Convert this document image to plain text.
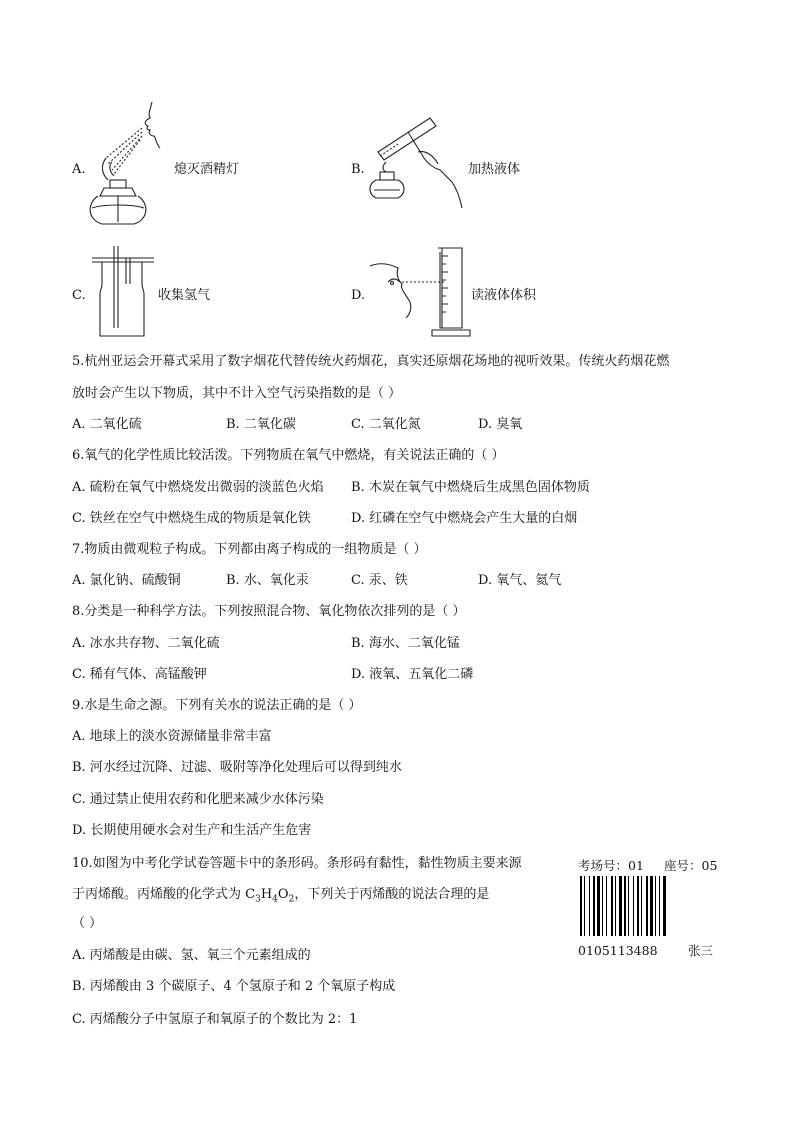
A.	熄灭酒精灯	B.	加热液体
C.	收集氢气	D.	读液体体积
5.杭州亚运会开幕式采用了数字烟花代替传统火药烟花，真实还原烟花场地的视听效果。传统火药烟花燃
放时会产生以下物质，其中不计入空气污染指数的是（ ）
A. 二氧化硫	B. 二氧化碳	C. 二氧化氮	D. 臭氧
6.氧气的化学性质比较活泼。下列物质在氧气中燃烧，有关说法正确的（ ）
A. 硫粉在氧气中燃烧发出微弱的淡蓝色火焰 B. 木炭在氧气中燃烧后生成黑色固体物质
C. 铁丝在空气中燃烧生成的物质是氧化铁	D. 红磷在空气中燃烧会产生大量的白烟
7.物质由微观粒子构成。下列都由离子构成的一组物质是（ ）
A. 氯化钠、硫酸铜	B. 水、氧化汞	C. 汞、铁	D. 氧气、氦气
8.分类是一种科学方法。下列按照混合物、氧化物依次排列的是（ ）
A. 冰水共存物、二氧化硫	B. 海水、二氧化锰
C. 稀有气体、高锰酸钾	D. 液氧、五氧化二磷
9.水是生命之源。下列有关水的说法正确的是（ ）
A. 地球上的淡水资源储量非常丰富
B. 河水经过沉降、过滤、吸附等净化处理后可以得到纯水
C. 通过禁止使用农药和化肥来减少水体污染
D. 长期使用硬水会对生产和生活产生危害
10.如图为中考化学试卷答题卡中的条形码。条形码有黏性，黏性物质主要来源
于丙烯酸。丙烯酸的化学式为 $C_3H_4O_2$，下列关于丙烯酸的说法合理的是
（ ）
A. 丙烯酸是由碳、氢、氧三个元素组成的
B. 丙烯酸由 3 个碳原子、4 个氢原子和 2 个氧原子构成
C. 丙烯酸分子中氢原子和氧原子的个数比为 2：1
考场号：01 座号：05
0105113488 张三
